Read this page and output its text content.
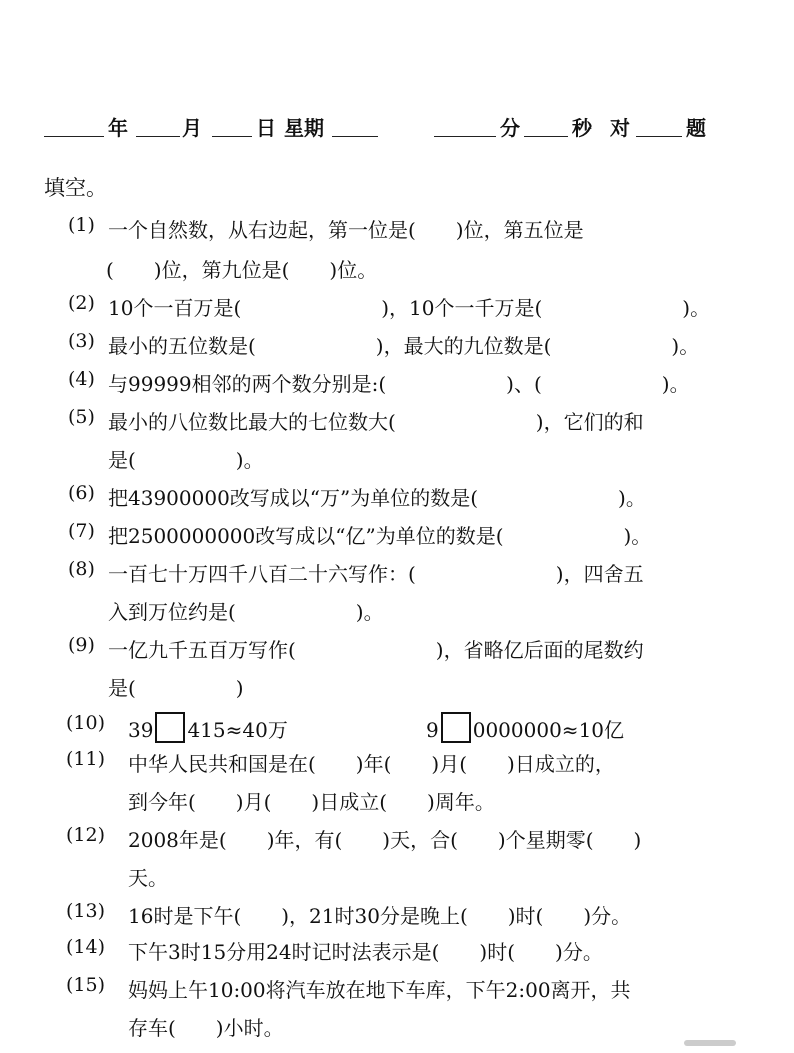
年	月	日 星期	分	秒 对	题
填空。
(1) 一个自然数，从右边起，第一位是(　　)位，第五位是
(　　)位，第九位是(　　)位。
(2) 10个一百万是(　　　　　　　)，10个一千万是(　　　　　　　)。
(3) 最小的五位数是(　　　　　　)，最大的九位数是(　　　　　　)。
(4) 与99999相邻的两个数分别是:(　　　　　　)、(　　　　　　)。
(5) 最小的八位数比最大的七位数大(　　　　　　　)，它们的和
是(　　　　　)。
(6) 把43900000改写成以“万”为单位的数是(　　　　　　　)。
(7) 把2500000000改写成以“亿”为单位的数是(　　　　　　)。
(8) 一百七十万四千八百二十六写作：(　　　　　　　)，四舍五
入到万位约是(　　　　　　)。
(9) 一亿九千五百万写作(　　　　　　　)，省略亿后面的尾数约
是(　　　　　)
(10) 39 415≈40万	9 0000000≈10亿
(11) 中华人民共和国是在(　　)年(　　)月(　　)日成立的，
到今年(　　)月(　　)日成立(　　)周年。
(12) 2008年是(　　)年，有(　　)天，合(　　)个星期零(　　)
天。
(13) 16时是下午(　　)，21时30分是晚上(　　)时(　　)分。
(14) 下午3时15分用24时记时法表示是(　　)时(　　)分。
(15) 妈妈上午10:00将汽车放在地下车库，下午2:00离开，共
存车(　　)小时。
